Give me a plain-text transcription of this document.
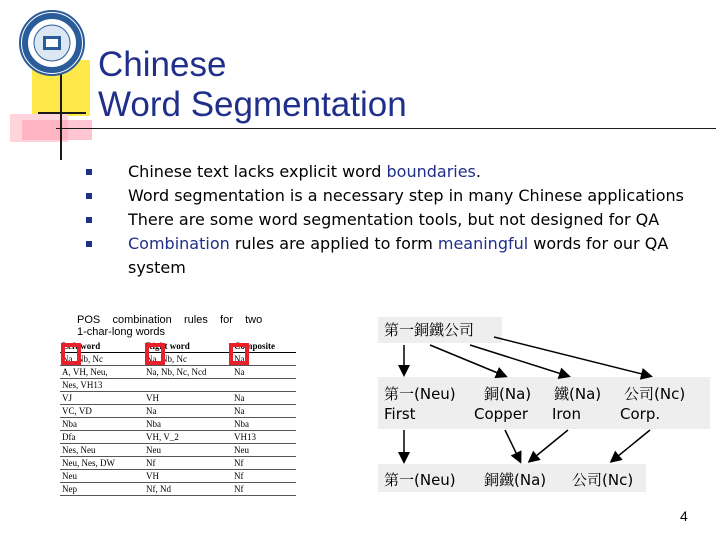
Chinese
Word Segmentation
Chinese text lacks explicit word boundaries.
Word segmentation is a necessary step in many Chinese applications
There are some word segmentation tools, but not designed for QA
Combination rules are applied to form meaningful words for our QA system
POS    combination    rules    for    two
1-char-long words
Left word	Right word	Composite
Na, Nb, Nc	Na, Nb, Nc	Na
A, VH, Neu,	Na, Nb, Nc, Ncd	Na
Nes, VH13		
VJ	VH	Na
VC, VD	Na	Na
Nba	Nba	Nba
Dfa	VH, V_2	VH13
Nes, Neu	Neu	Neu
Neu, Nes, DW	Nf	Nf
Neu	VH	Nf
Nep	Nf, Nd	Nf
第一銅鐵公司
第一(Neu) 銅(Na) 鐵(Na) 公司(Nc)
First	Copper Iron	Corp.
第一(Neu) 銅鐵(Na) 公司(Nc)
4
